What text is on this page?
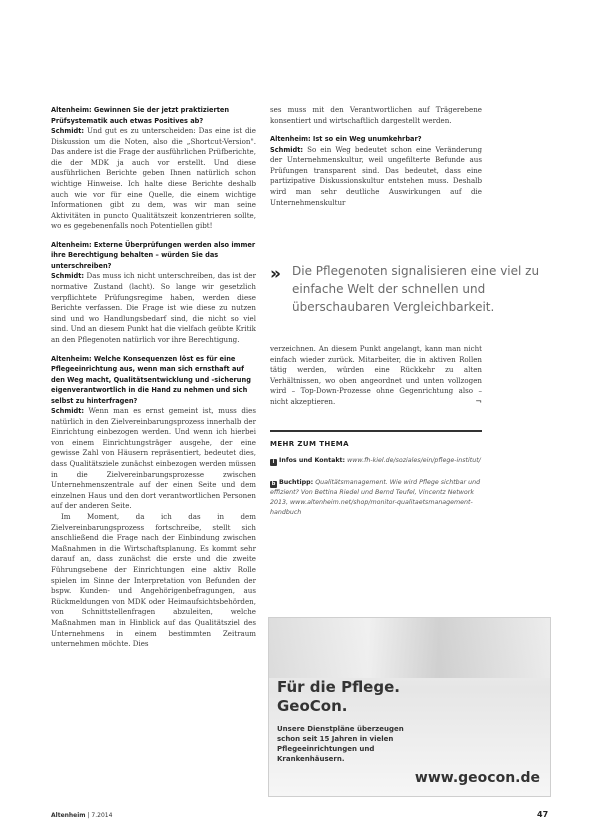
Altenheim: Gewinnen Sie der jetzt praktizierten Prüfsystematik auch etwas Positives ab?
Schmidt: Und gut es zu unterscheiden: Das eine ist die Diskussion um die Noten, also die „Shortcut-Version". Das andere ist die Frage der ausführlichen Prüfberichte, die der MDK ja auch vor erstellt. Und diese ausführlichen Berichte geben Ihnen natürlich schon wichtige Hinweise. Ich halte diese Berichte deshalb auch wie vor für eine Quelle, die einem wichtige Informationen gibt zu dem, was wir man seine Aktivitäten in puncto Qualitätszeit konzentrieren sollte, wo es gegebenenfalls noch Potentiellen gibt!
Altenheim: Externe Überprüfungen werden also immer ihre Berechtigung behalten – würden Sie das unterschreiben?
Schmidt: Das muss ich nicht unterschreiben, das ist der normative Zustand (lacht). So lange wir gesetzlich verpflichtete Prüfungsregime haben, werden diese Berichte verfassen. Die Frage ist wie diese zu nutzen sind und wo Handlungsbedarf sind, die nicht so viel sind. Und an diesem Punkt hat die vielfach geübte Kritik an den Pflegenoten natürlich vor ihre Berechtigung.
Altenheim: Welche Konsequenzen löst es für eine Pflegeeinrichtung aus, wenn man sich ernsthaft auf den Weg macht, Qualitätsentwicklung und -sicherung eigenverantwortlich in die Hand zu nehmen und sich selbst zu hinterfragen?
Schmidt: Wenn man es ernst gemeint ist, muss dies natürlich in den Zielvereinbarungsprozess innerhalb der Einrichtung einbezogen werden. Und wenn ich hierbei von einem Einrichtungsträger ausgehe, der eine gewisse Zahl von Häusern repräsentiert, bedeutet dies, dass Qualitätsziele zunächst einbezogen werden müssen in die Zielvereinbarungsprozesse zwischen Unternehmenszentrale auf der einen Seite und dem einzelnen Haus und den dort verantwortlichen Personen auf der anderen Seite.
Im Moment, da ich das in dem Zielvereinbarungsprozess fortschreibe, stellt sich anschließend die Frage nach der Einbindung zwischen Maßnahmen in die Wirtschaftsplanung. Es kommt sehr darauf an, dass zunächst die erste und die zweite Führungsebene der Einrichtungen eine aktiv Rolle spielen im Sinne der Interpretation von Befunden der bspw. Kunden- und Angehörigenbefragungen, aus Rückmeldungen von MDK oder Heimaufsichtsbehörden, von Schnittstellenfragen abzuleiten, welche Maßnahmen man in Hinblick auf das Qualitätsziel des Unternehmens in einem bestimmten Zeitraum unternehmen möchte. Dies
ses muss mit den Verantwortlichen auf Trägerebene konsentiert und wirtschaftlich dargestellt werden.
Altenheim: Ist so ein Weg unumkehrbar?
Schmidt: So ein Weg bedeutet schon eine Veränderung der Unternehmenskultur, weil ungefilterte Befunde aus Prüfungen transparent sind. Das bedeutet, dass eine partizipative Diskussionskultur entstehen muss. Deshalb wird man sehr deutliche Auswirkungen auf die Unternehmenskultur
» Die Pflegenoten signalisieren eine viel zu einfache Welt der schnellen und überschaubaren Vergleichbarkeit.
verzeichnen. An diesem Punkt angelangt, kann man nicht einfach wieder zurück. Mitarbeiter, die in aktiven Rollen tätig werden, würden eine Rückkehr zu alten Verhältnissen, wo oben angeordnet und unten vollzogen wird – Top-Down-Prozesse ohne Gegenrichtung also – nicht akzeptieren.	¬
MEHR ZUM THEMA
i Infos und Kontakt: www.fh-kiel.de/soziales/ein/pflege-institut/
b Buchtipp: Qualitätsmanagement. Wie wird Pflege sichtbar und effizient? Von Bettina Riedel und Bernd Teufel, Vincentz Network 2013, www.altenheim.net/shop/monitor-qualitaetsmanagement-handbuch
Für die Pflege.
GeoCon.
Unsere Dienstpläne überzeugen
schon seit 15 Jahren in vielen
Pflegeeinrichtungen und
Krankenhäusern.
www.geocon.de
Altenheim | 7.2014	47
